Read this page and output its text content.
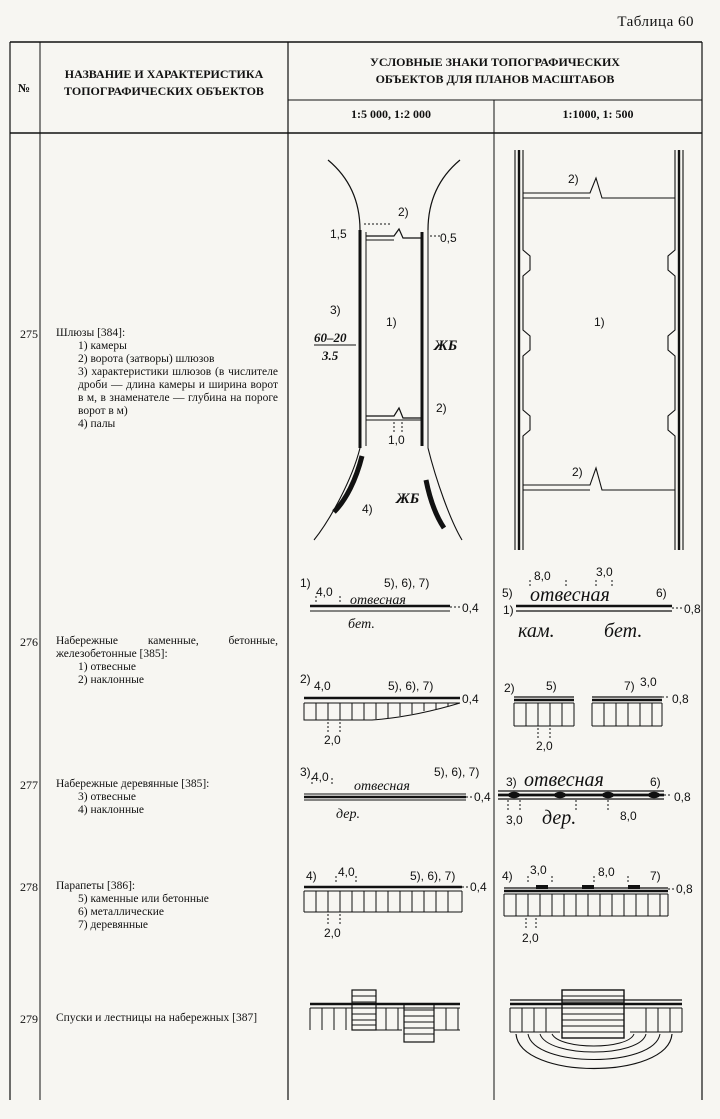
Таблица 60
№
НАЗВАНИЕ И ХАРАКТЕРИСТИКА
ТОПОГРАФИЧЕСКИХ ОБЪЕКТОВ
УСЛОВНЫЕ ЗНАКИ ТОПОГРАФИЧЕСКИХ
ОБЪЕКТОВ ДЛЯ ПЛАНОВ МАСШТАБОВ
1:5 000, 1:2 000	1:1000, 1: 500
275 Шлюзы [384]:
1) камеры
2) ворота (затворы) шлюзов
3) характеристики шлюзов (в числителе дроби — длина камеры и ширина ворот в м, в знаменателе — глубина на пороге ворот в м)
4) палы
276 Набережные каменные, бетонные, железобетонные [385]:
1) отвесные
2) наклонные
277 Набережные деревянные [385]:
3) отвесные
4) наклонные
278 Парапеты [386]:
5) каменные или бетонные
6) металлические
7) деревянные
279 Спуски и лестницы на набережных [387]
2)
1,5	0,5
3)
1)
60–20
3.5
ЖБ
2)
1,0
ЖБ
4)
2)
1)
2)
1)
4,0
5), 6), 7)
отвесная	0,4
бет.
2) 4,0	5), 6), 7)
0,4
2,0
8,0	3,0
5) отвесная	6)
1)	0,8
кам. бет.
2)	5)	7) 3,0
0,8
2,0
3) 4,0
отвесная
5), 6), 7)
0,4
дер.
3) отвесная	6)
0,8
3,0 дер.	8,0
4) 4,0	5), 6), 7)
0,4
2,0
4) 3,0	8,0	7)
0,8
2,0
